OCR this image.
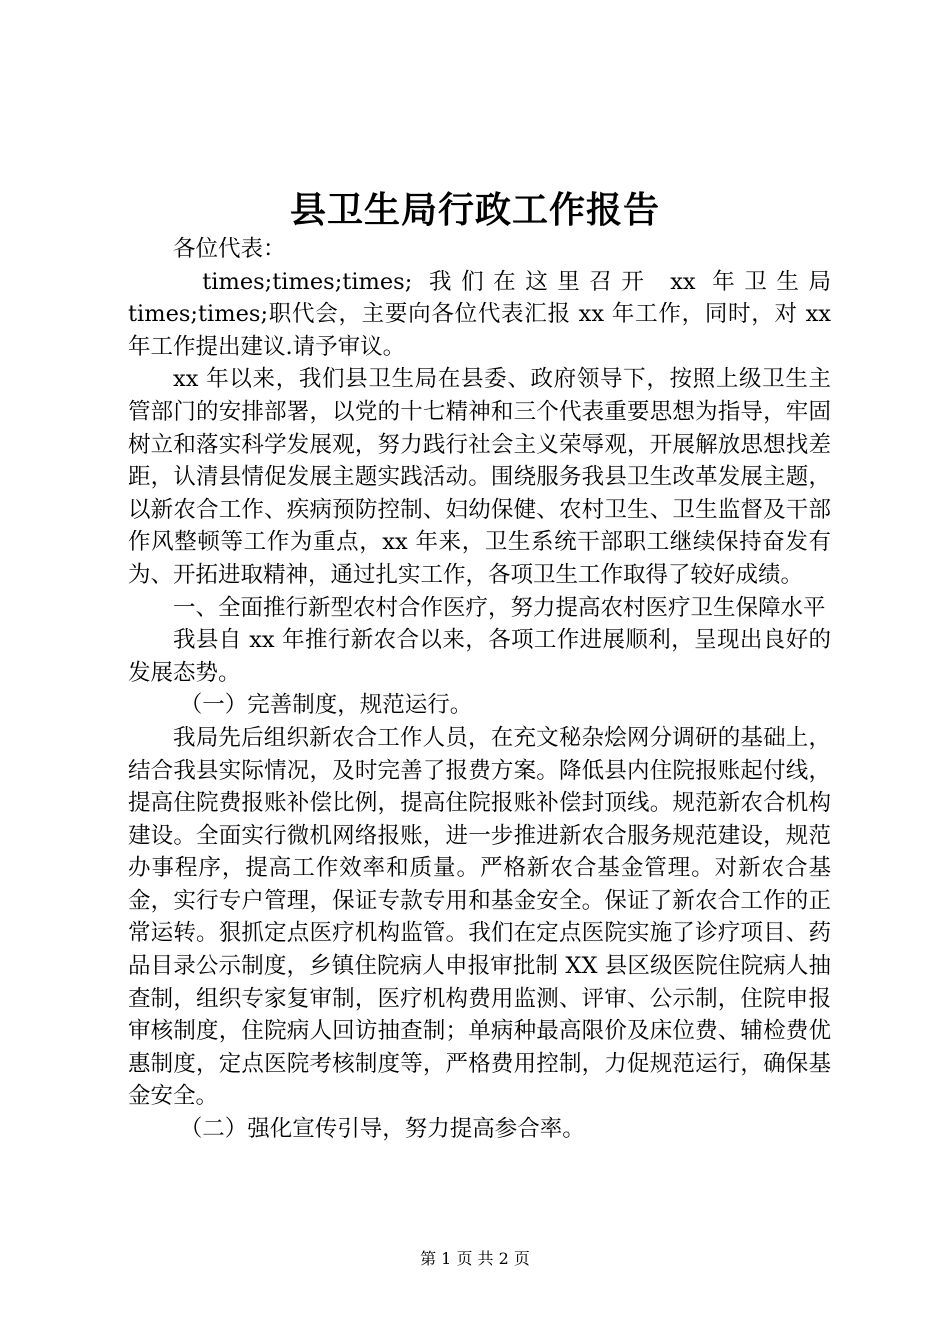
县卫生局行政工作报告

各位代表：

times;times;times; 我们在这里召开 xx 年卫生局 times;times;职代会，主要向各位代表汇报 xx 年工作，同时，对 xx 年工作提出建议.请予审议。

xx 年以来，我们县卫生局在县委、政府领导下，按照上级卫生主管部门的安排部署，以党的十七精神和三个代表重要思想为指导，牢固树立和落实科学发展观，努力践行社会主义荣辱观，开展解放思想找差距，认清县情促发展主题实践活动。围绕服务我县卫生改革发展主题，以新农合工作、疾病预防控制、妇幼保健、农村卫生、卫生监督及干部作风整顿等工作为重点，xx 年来，卫生系统干部职工继续保持奋发有为、开拓进取精神，通过扎实工作，各项卫生工作取得了较好成绩。

一、全面推行新型农村合作医疗，努力提高农村医疗卫生保障水平

我县自 xx 年推行新农合以来，各项工作进展顺利，呈现出良好的发展态势。

（一）完善制度，规范运行。

我局先后组织新农合工作人员，在充文秘杂烩网分调研的基础上，结合我县实际情况，及时完善了报费方案。降低县内住院报账起付线，提高住院费报账补偿比例，提高住院报账补偿封顶线。规范新农合机构建设。全面实行微机网络报账，进一步推进新农合服务规范建设，规范办事程序，提高工作效率和质量。严格新农合基金管理。对新农合基金，实行专户管理，保证专款专用和基金安全。保证了新农合工作的正常运转。狠抓定点医疗机构监管。我们在定点医院实施了诊疗项目、药品目录公示制度，乡镇住院病人申报审批制 XX 县区级医院住院病人抽查制，组织专家复审制，医疗机构费用监测、评审、公示制，住院申报审核制度，住院病人回访抽查制；单病种最高限价及床位费、辅检费优惠制度，定点医院考核制度等，严格费用控制，力促规范运行，确保基金安全。

（二）强化宣传引导，努力提高参合率。

第 1 页 共 2 页
